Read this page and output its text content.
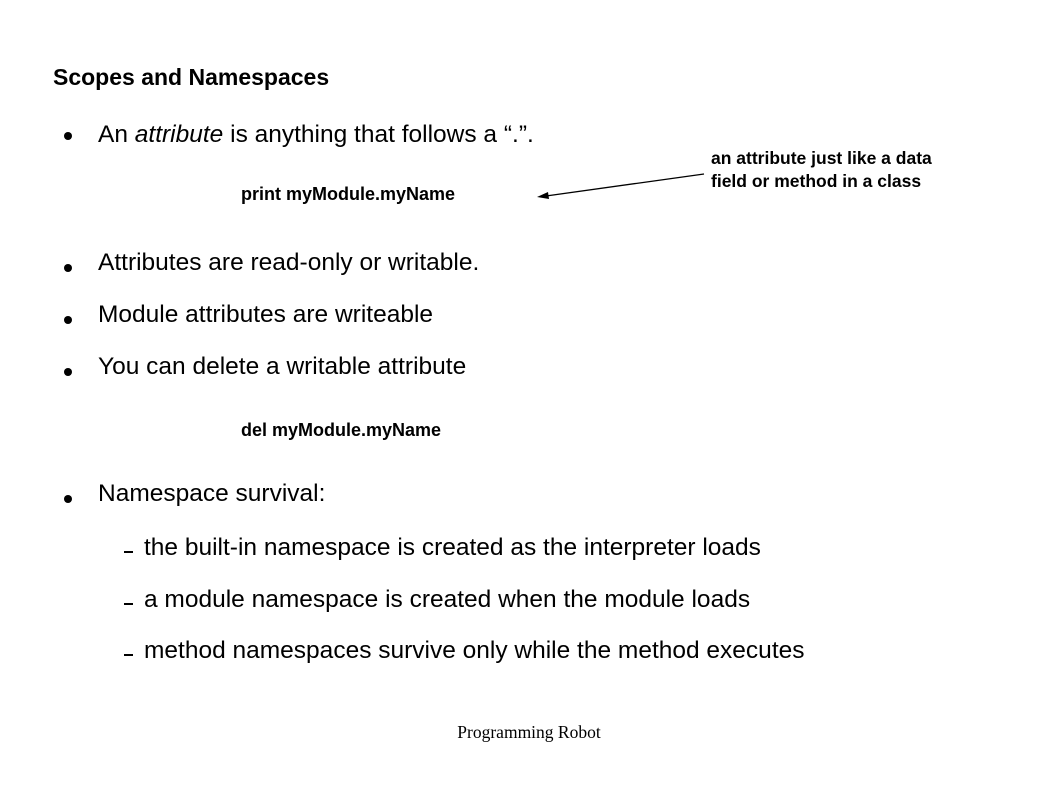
Scopes and Namespaces
An attribute is anything that follows a “.”.
print myModule.myName
an attribute just like a data
field or method in a class
Attributes are read-only or writable.
Module attributes are writeable
You can delete a writable attribute
del myModule.myName
Namespace survival:
the built-in namespace is created as the interpreter loads
a module namespace is created when the module loads
method namespaces survive only while the method executes
Programming Robot
